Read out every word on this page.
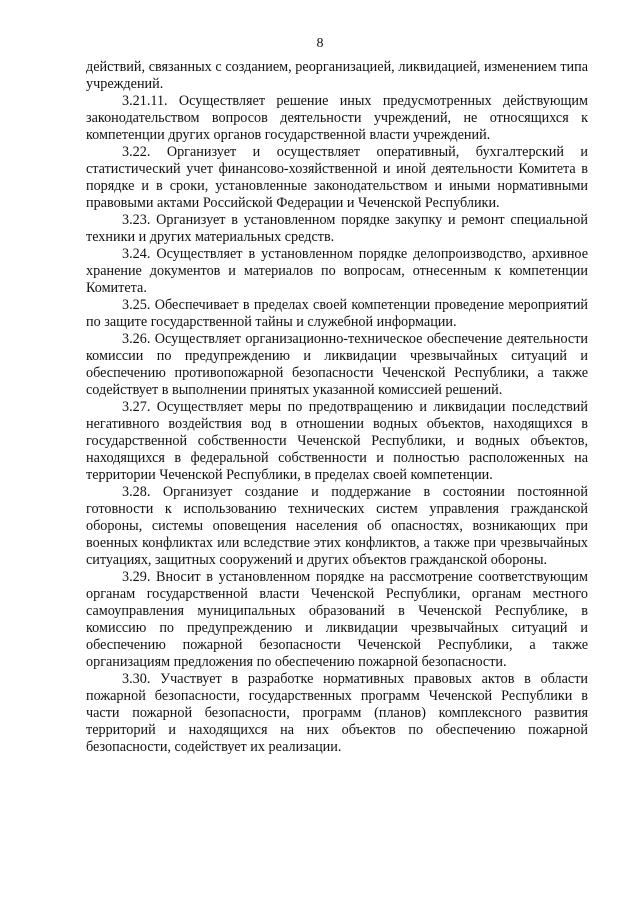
8

действий, связанных с созданием, реорганизацией, ликвидацией, изменением типа учреждений.

3.21.11. Осуществляет решение иных предусмотренных действующим законодательством вопросов деятельности учреждений, не относящихся к компетенции других органов государственной власти учреждений.

3.22. Организует и осуществляет оперативный, бухгалтерский и статистический учет финансово-хозяйственной и иной деятельности Комитета в порядке и в сроки, установленные законодательством и иными нормативными правовыми актами Российской Федерации и Чеченской Республики.

3.23. Организует в установленном порядке закупку и ремонт специальной техники и других материальных средств.

3.24. Осуществляет в установленном порядке делопроизводство, архивное хранение документов и материалов по вопросам, отнесенным к компетенции Комитета.

3.25. Обеспечивает в пределах своей компетенции проведение мероприятий по защите государственной тайны и служебной информации.

3.26. Осуществляет организационно-техническое обеспечение деятельности комиссии по предупреждению и ликвидации чрезвычайных ситуаций и обеспечению противопожарной безопасности Чеченской Республики, а также содействует в выполнении принятых указанной комиссией решений.

3.27. Осуществляет меры по предотвращению и ликвидации последствий негативного воздействия вод в отношении водных объектов, находящихся в государственной собственности Чеченской Республики, и водных объектов, находящихся в федеральной собственности и полностью расположенных на территории Чеченской Республики, в пределах своей компетенции.

3.28. Организует создание и поддержание в состоянии постоянной готовности к использованию технических систем управления гражданской обороны, системы оповещения населения об опасностях, возникающих при военных конфликтах или вследствие этих конфликтов, а также при чрезвычайных ситуациях, защитных сооружений и других объектов гражданской обороны.

3.29. Вносит в установленном порядке на рассмотрение соответствующим органам государственной власти Чеченской Республики, органам местного самоуправления муниципальных образований в Чеченской Республике, в комиссию по предупреждению и ликвидации чрезвычайных ситуаций и обеспечению пожарной безопасности Чеченской Республики, а также организациям предложения по обеспечению пожарной безопасности.

3.30. Участвует в разработке нормативных правовых актов в области пожарной безопасности, государственных программ Чеченской Республики в части пожарной безопасности, программ (планов) комплексного развития территорий и находящихся на них объектов по обеспечению пожарной безопасности, содействует их реализации.
